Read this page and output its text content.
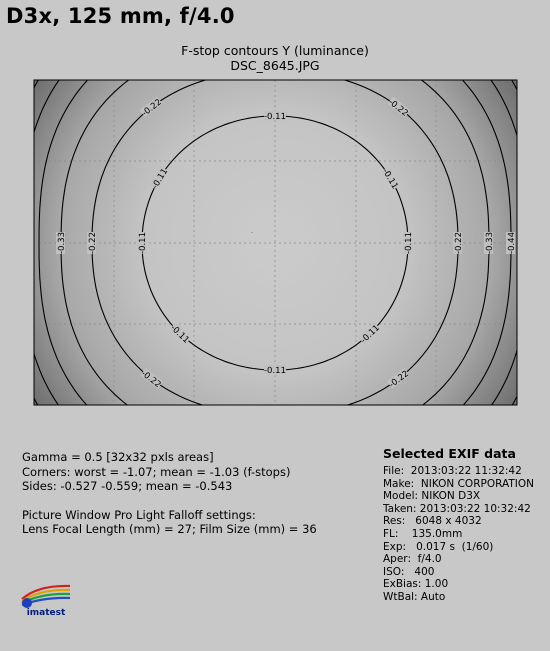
D3x, 125 mm, f/4.0
F-stop contours Y (luminance)
DSC_8645.JPG
-0.11
-0.11	-0.11
-0.11
-0.11	-0.11
-0.11
-0.11
-0.22	-0.22
-0.22	-0.22
-0.22	-0.22
-0.33	-0.33 -0.44
·
Gamma = 0.5 [32x32 pxls areas]
Corners: worst = -1.07; mean = -1.03 (f-stops)
Sides: -0.527 -0.559; mean = -0.543
Picture Window Pro Light Falloff settings:
Lens Focal Length (mm) = 27; Film Size (mm) = 36
Selected EXIF data
File:  2013:03:22 11:32:42
Make:  NIKON CORPORATION
Model: NIKON D3X
Taken: 2013:03:22 10:32:42
Res:   6048 x 4032
FL:    135.0mm
Exp:   0.017 s  (1/60)
Aper:  f/4.0
ISO:   400
ExBias: 1.00
WtBal: Auto
imatest
